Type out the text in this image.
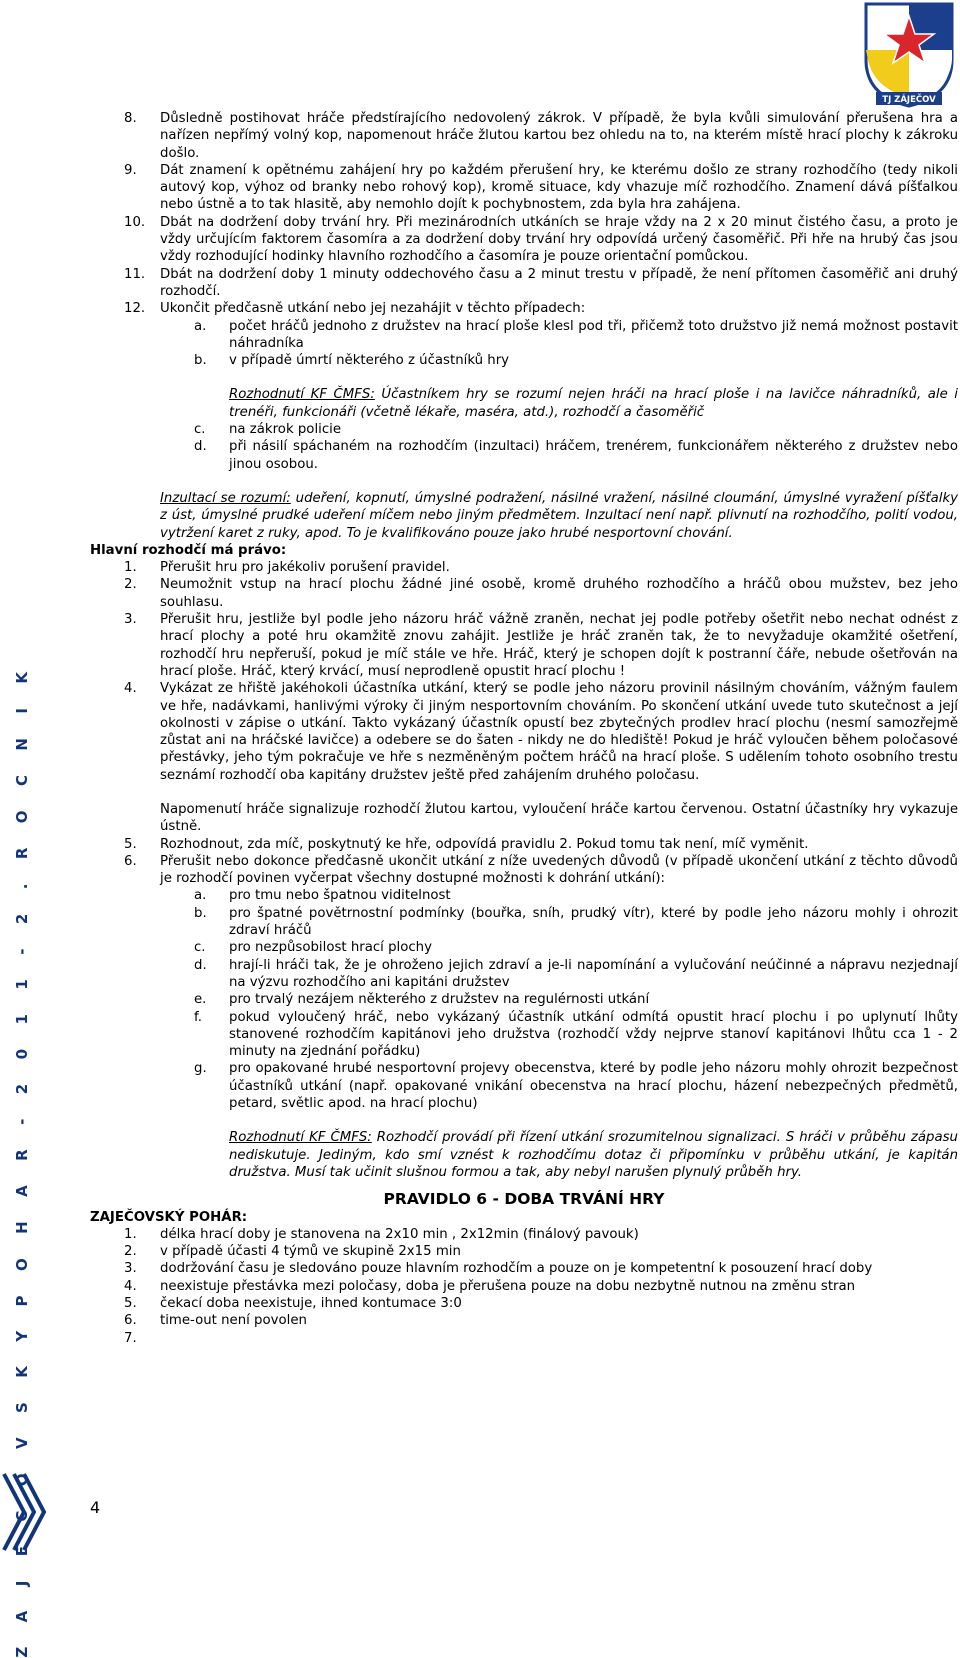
TJ ZÁJEČOV
Z A J E C O V S K Y P O H A R - 2 0 1 1 - 2 . R O C N I K
8. Důsledně postihovat hráče předstírajícího nedovolený zákrok. V případě, že byla kvůli simulování přerušena hra a nařízen nepřímý volný kop, napomenout hráče žlutou kartou bez ohledu na to, na kterém místě hrací plochy k zákroku došlo.
9. Dát znamení k opětnému zahájení hry po každém přerušení hry, ke kterému došlo ze strany rozhodčího (tedy nikoli autový kop, výhoz od branky nebo rohový kop), kromě situace, kdy vhazuje míč rozhodčího. Znamení dává píšťalkou nebo ústně a to tak hlasitě, aby nemohlo dojít k pochybnostem, zda byla hra zahájena.
10. Dbát na dodržení doby trvání hry. Při mezinárodních utkáních se hraje vždy na 2 x 20 minut čistého času, a proto je vždy určujícím faktorem časomíra a za dodržení doby trvání hry odpovídá určený časoměřič. Při hře na hrubý čas jsou vždy rozhodující hodinky hlavního rozhodčího a časomíra je pouze orientační pomůckou.
11. Dbát na dodržení doby 1 minuty oddechového času a 2 minut trestu v případě, že není přítomen časoměřič ani druhý rozhodčí.
12. Ukončit předčasně utkání nebo jej nezahájit v těchto případech:
a. počet hráčů jednoho z družstev na hrací ploše klesl pod tři, přičemž toto družstvo již nemá možnost postavit náhradníka
b. v případě úmrtí některého z účastníků hry
Rozhodnutí KF ČMFS: Účastníkem hry se rozumí nejen hráči na hrací ploše i na lavičce náhradníků, ale i trenéři, funkcionáři (včetně lékaře, maséra, atd.), rozhodčí a časoměřič
c. na zákrok policie
d. při násilí spáchaném na rozhodčím (inzultaci) hráčem, trenérem, funkcionářem některého z družstev nebo jinou osobou.
Inzultací se rozumí: udeření, kopnutí, úmyslné podražení, násilné vražení, násilné cloumání, úmyslné vyražení píšťalky z úst, úmyslné prudké udeření míčem nebo jiným předmětem. Inzultací není např. plivnutí na rozhodčího, polití vodou, vytržení karet z ruky, apod. To je kvalifikováno pouze jako hrubé nesportovní chování.
Hlavní rozhodčí má právo:
1. Přerušit hru pro jakékoliv porušení pravidel.
2. Neumožnit vstup na hrací plochu žádné jiné osobě, kromě druhého rozhodčího a hráčů obou mužstev, bez jeho souhlasu.
3. Přerušit hru, jestliže byl podle jeho názoru hráč vážně zraněn, nechat jej podle potřeby ošetřit nebo nechat odnést z hrací plochy a poté hru okamžitě znovu zahájit. Jestliže je hráč zraněn tak, že to nevyžaduje okamžité ošetření, rozhodčí hru nepřeruší, pokud je míč stále ve hře. Hráč, který je schopen dojít k postranní čáře, nebude ošetřován na hrací ploše. Hráč, který krvácí, musí neprodleně opustit hrací plochu !
4. Vykázat ze hřiště jakéhokoli účastníka utkání, který se podle jeho názoru provinil násilným chováním, vážným faulem ve hře, nadávkami, hanlivými výroky či jiným nesportovním chováním. Po skončení utkání uvede tuto skutečnost a její okolnosti v zápise o utkání. Takto vykázaný účastník opustí bez zbytečných prodlev hrací plochu (nesmí samozřejmě zůstat ani na hráčské lavičce) a odebere se do šaten - nikdy ne do hlediště! Pokud je hráč vyloučen během poločasové přestávky, jeho tým pokračuje ve hře s nezměněným počtem hráčů na hrací ploše. S udělením tohoto osobního trestu seznámí rozhodčí oba kapitány družstev ještě před zahájením druhého poločasu.
Napomenutí hráče signalizuje rozhodčí žlutou kartou, vyloučení hráče kartou červenou. Ostatní účastníky hry vykazuje ústně.
5. Rozhodnout, zda míč, poskytnutý ke hře, odpovídá pravidlu 2. Pokud tomu tak není, míč vyměnit.
6. Přerušit nebo dokonce předčasně ukončit utkání z níže uvedených důvodů (v případě ukončení utkání z těchto důvodů je rozhodčí povinen vyčerpat všechny dostupné možnosti k dohrání utkání):
a. pro tmu nebo špatnou viditelnost
b. pro špatné povětrnostní podmínky (bouřka, sníh, prudký vítr), které by podle jeho názoru mohly i ohrozit zdraví hráčů
c. pro nezpůsobilost hrací plochy
d. hrají-li hráči tak, že je ohroženo jejich zdraví a je-li napomínání a vylučování neúčinné a nápravu nezjednají na výzvu rozhodčího ani kapitáni družstev
e. pro trvalý nezájem některého z družstev na regulérnosti utkání
f. pokud vyloučený hráč, nebo vykázaný účastník utkání odmítá opustit hrací plochu i po uplynutí lhůty stanovené rozhodčím kapitánovi jeho družstva (rozhodčí vždy nejprve stanoví kapitánovi lhůtu cca 1 - 2 minuty na zjednání pořádku)
g. pro opakované hrubé nesportovní projevy obecenstva, které by podle jeho názoru mohly ohrozit bezpečnost účastníků utkání (např. opakované vnikání obecenstva na hrací plochu, házení nebezpečných předmětů, petard, světlic apod. na hrací plochu)
Rozhodnutí KF ČMFS: Rozhodčí provádí při řízení utkání srozumitelnou signalizaci. S hráči v průběhu zápasu nediskutuje. Jediným, kdo smí vznést k rozhodčímu dotaz či připomínku v průběhu utkání, je kapitán družstva. Musí tak učinit slušnou formou a tak, aby nebyl narušen plynulý průběh hry.
PRAVIDLO 6 - DOBA TRVÁNÍ HRY
ZAJEČOVSKÝ POHÁR:
1. délka hrací doby je stanovena na 2x10 min , 2x12min (finálový pavouk)
2. v případě účasti 4 týmů ve skupině 2x15 min
3. dodržování času je sledováno pouze hlavním rozhodčím a pouze on je kompetentní k posouzení hrací doby
4. neexistuje přestávka mezi poločasy, doba je přerušena pouze na dobu nezbytně nutnou na změnu stran
5. čekací doba neexistuje, ihned kontumace 3:0
6. time-out není povolen
7.
4
